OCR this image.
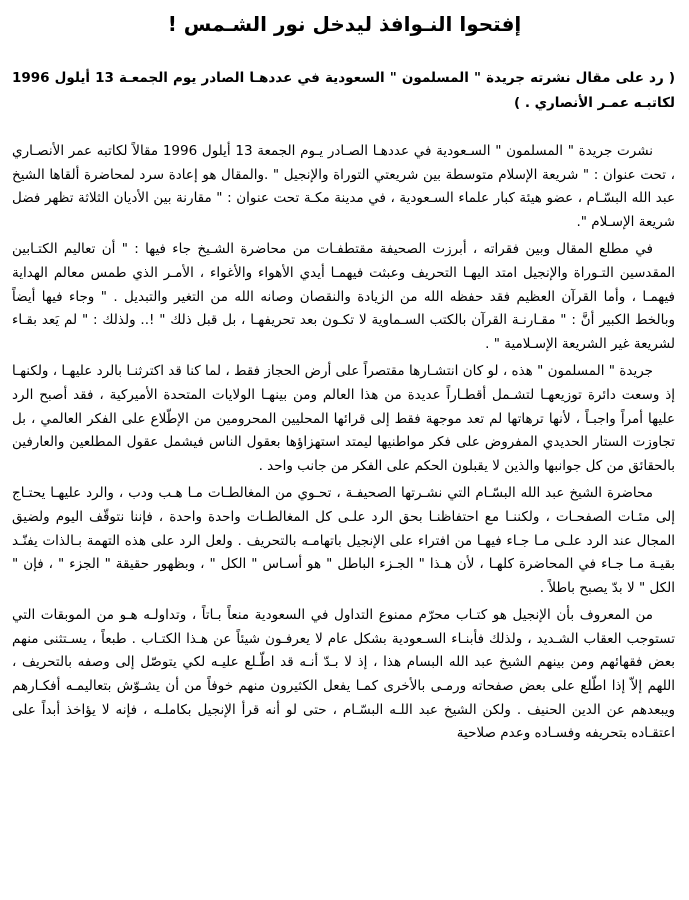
إفتحوا النـوافذ ليدخل نور الشـمس !
( رد على مقال نشرته جريدة " المسلمون " السعودية في عددهـا الصادر يوم الجمعـة 13 أيلول 1996 لكاتبـه عمـر الأنصاري . )

نشرت جريدة " المسلمون " السـعودية في عددهـا الصـادر يـوم الجمعة 13 أيلول 1996 مقالاً لكاتبه عمر الأنصـاري ، تحت عنوان : " شريعة الإسلام متوسطة بين شريعتي التوراة والإنجيل " .والمقال هو إعادة سرد لمحاضرة ألقاها الشيخ عبد الله البسّـام ، عضو هيئة كبار علماء السـعودية ، في مدينة مكـة تحت عنوان : " مقارنة بين الأديان الثلاثة تظهر فضل شريعة الإسـلام ".

في مطلع المقال وبين فقراته ، أبرزت الصحيفة مقتطفـات من محاضرة الشـيخ جاء فيها : " أن تعاليم الكتـابين المقدسين التـوراة والإنجيل امتد اليهـا التحريف وعبثت فيهمـا أيدي الأهواء والأغواء ، الأمـر الذي طمس معالم الهداية فيهمـا ، وأما القرآن العظيم فقد حفظه الله من الزيادة والنقصان وصانه الله من التغير والتبديل . " وجاء فيها أيضاً وبالخط الكبير أنَّ : " مقـارنـة القرآن بالكتب السـماوية لا تكـون بعد تحريفهـا ، بل قبل ذلك " !.. ولذلك : " لم يَعد بقـاء لشريعة غير الشريعة الإسـلامية " .

جريدة " المسلمون " هذه ، لو كان انتشـارها مقتصراً على أرض الحجاز فقط ، لما كنا قد اكترثنـا بالرد عليهـا ، ولكنهـا إذ وسعت دائرة توزيعهـا لتشـمل أقطـاراً عديدة من هذا العالم ومن بينهـا الولايات المتحدة الأميركية ، فقد أصبح الرد عليها أمراً واجبـاً ، لأنها ترهاتها لم تعد موجهة فقط إلى قرائها المحليين المحرومين من الإطّلاع على الفكر العالمي ، بل تجاوزت الستار الحديدي المفروض على فكر مواطنيها ليمتد استهزاؤها بعقول الناس فيشمل عقول المطلعين والعارفين بالحقائق من كل جوانبها والذين لا يقبلون الحكم على الفكر من جانب واحد .

محاضرة الشيخ عبد الله البسّـام التي نشـرتها الصحيفـة ، تحـوي من المغالطـات مـا هـب ودب ، والرد عليهـا يحتـاج إلى مئـات الصفحـات ، ولكننـا مع احتفاظنـا بحق الرد علـى كل المغالطـات واحدة واحدة ، فإننا نتوقّف اليوم ولضيق المجال عند الرد علـى مـا جـاء فيهـا من افتراء على الإنجيل باتهامـه بالتحريف . ولعل الرد على هذه التهمة بـالذات يفنّـد بقيـة مـا جـاء في المحاضرة كلهـا ، لأن هـذا " الجـزء الباطل " هو أسـاس " الكل " ، وبظهور حقيقة " الجزء " ، فإن " الكل " لا بدّ يصبح باطلاً .

من المعروف بأن الإنجيل هو كتـاب محرّم ممنوع التداول في السعودية منعاً بـاتاً ، وتداولـه هـو من الموبقات التي تستوجب العقاب الشـديد ، ولذلك فأبنـاء السـعودية بشكل عام لا يعرفـون شيئاً عن هـذا الكتـاب . طبعاً ، يسـتثنى منهم بعض فقهائهم ومن بينهم الشيخ عبد الله البسام هذا ، إذ لا بـدّ أنـه قد اطّـلع عليـه لكي يتوصّل إلى وصفه بالتحريف ، اللهم إلاّ إذا اطّلع على بعض صفحاته ورمـى بالأخرى كمـا يفعل الكثيرون منهم خوفاً من أن يشـوّش بتعاليمـه أفكـارهم ويبعدهم عن الدين الحنيف . ولكن الشيخ عبد اللـه البسّـام ، حتى لو أنه قرأ الإنجيل بكاملـه ، فإنه لا يؤاخذ أبداً على اعتقـاده بتحريفه وفسـاده وعدم صلاحية
